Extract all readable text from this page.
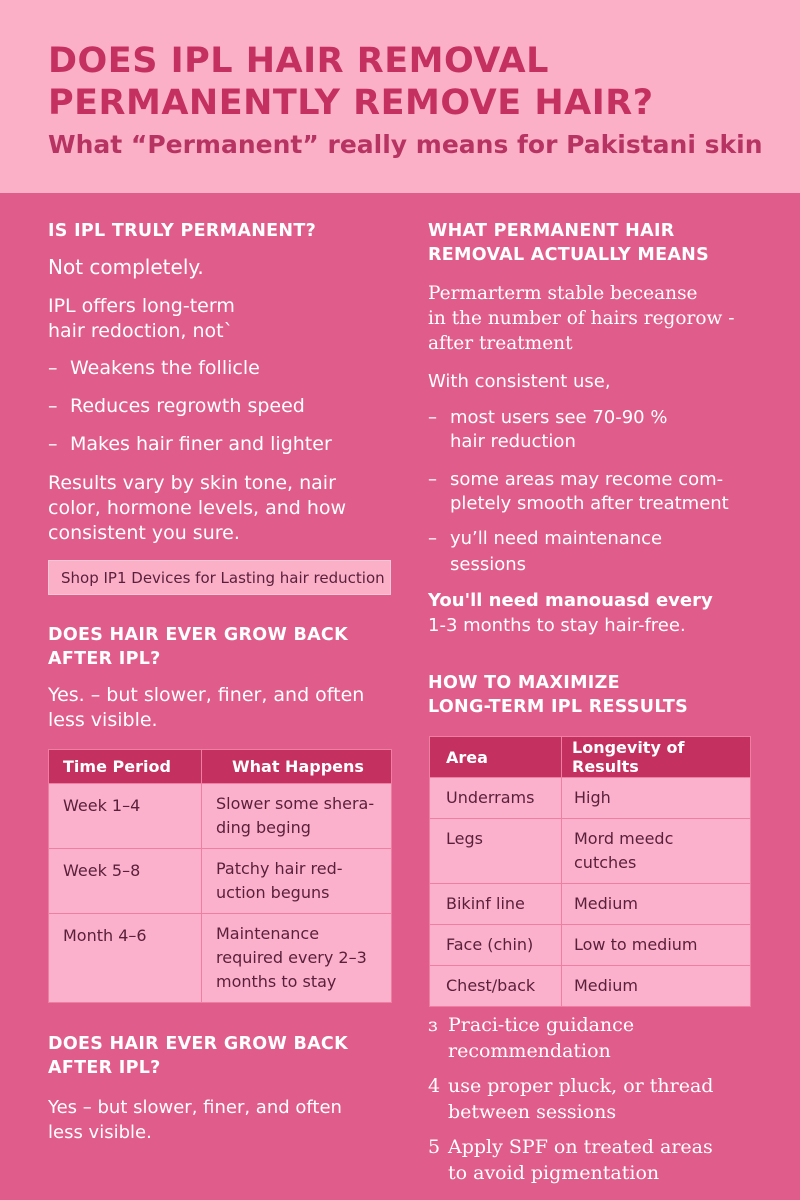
DOES IPL HAIR REMOVAL
PERMANENTLY REMOVE HAIR?
What “Permanent” really means for Pakistani skin
IS IPL TRULY PERMANENT?
Not completely.
IPL offers long-term
hair redoction, not`
– Weakens the follicle
– Reduces regrowth speed
– Makes hair finer and lighter
Results vary by skin tone, nair color, hormone levels, and how consistent you sure.
Shop IP1 Devices for Lasting hair reduction
DOES HAIR EVER GROW BACK
AFTER IPL?
Yes. – but slower, finer, and often less visible.
Time Period	What Happens
Week 1–4	Slower some shera-ding beging
Week 5–8	Patchy hair red-uction beguns
Month 4–6	Maintenance required every 2–3 months to stay
DOES HAIR EVER GROW BACK
AFTER IPL?
Yes – but slower, finer, and often less visible.
WHAT PERMANENT HAIR
REMOVAL ACTUALLY MEANS
Permarterm stable beceanse
in the number of hairs regorow -
after treatment
With consistent use,
– most users see 70-90 %
hair reduction
– some areas may recome com-
pletely smooth after treatment
– yu’ll need maintenance
sessions
You'll need manouasd every
1-3 months to stay hair-free.
HOW TO MAXIMIZE
LONG-TERM IPL RESSULTS
Area	Longevity of Results
Underrams	High
Legs	Mord meedc cutches
Bikinf line	Medium
Face (chin)	Low to medium
Chest/back	Medium
ɜ Praci-tice guidance
recommendation
4 use proper pluck, or thread
between sessions
5 Apply SPF on treated areas
to avoid pigmentation
